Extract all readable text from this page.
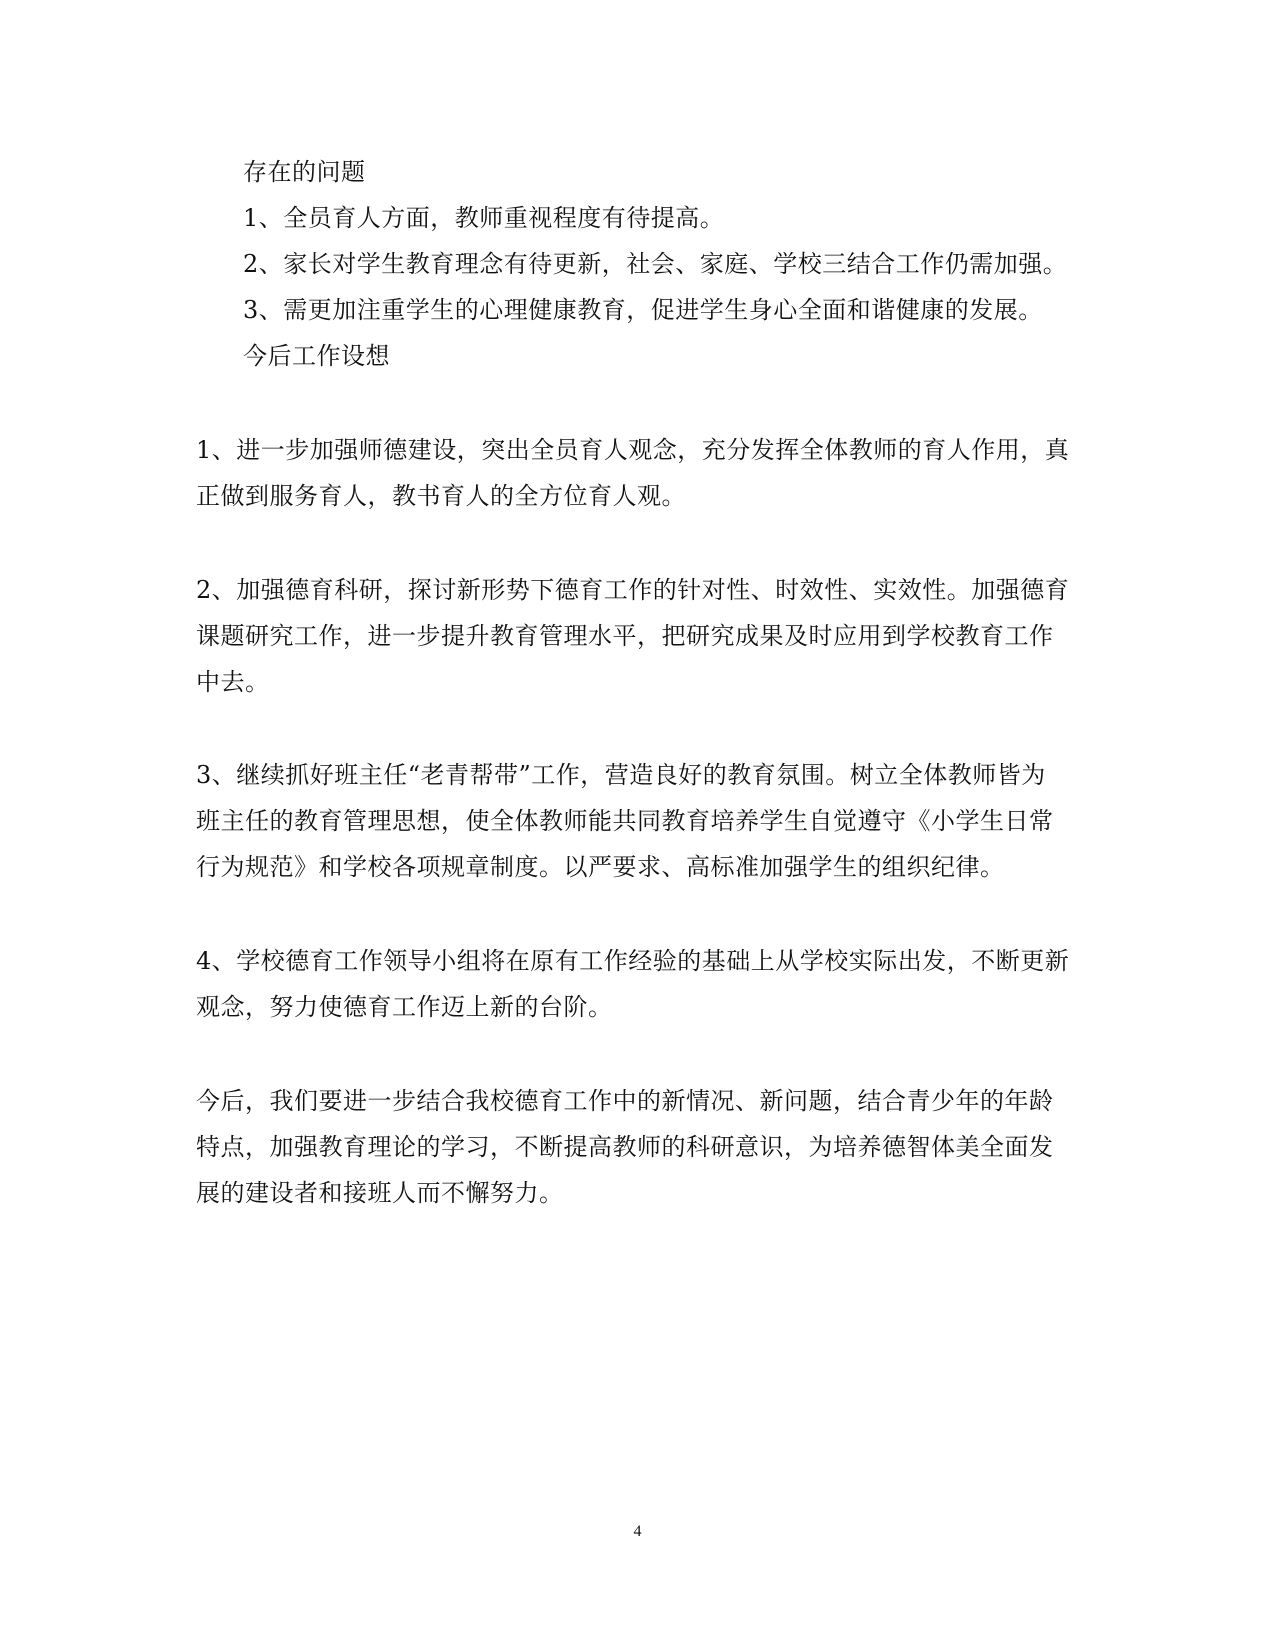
存在的问题
1、全员育人方面，教师重视程度有待提高。
2、家长对学生教育理念有待更新，社会、家庭、学校三结合工作仍需加强。
3、需更加注重学生的心理健康教育，促进学生身心全面和谐健康的发展。
今后工作设想
1、进一步加强师德建设，突出全员育人观念，充分发挥全体教师的育人作用，真
正做到服务育人，教书育人的全方位育人观。
2、加强德育科研，探讨新形势下德育工作的针对性、时效性、实效性。加强德育
课题研究工作，进一步提升教育管理水平，把研究成果及时应用到学校教育工作
中去。
3、继续抓好班主任“老青帮带”工作，营造良好的教育氛围。树立全体教师皆为
班主任的教育管理思想，使全体教师能共同教育培养学生自觉遵守《小学生日常
行为规范》和学校各项规章制度。以严要求、高标准加强学生的组织纪律。
4、学校德育工作领导小组将在原有工作经验的基础上从学校实际出发，不断更新
观念，努力使德育工作迈上新的台阶。
今后，我们要进一步结合我校德育工作中的新情况、新问题，结合青少年的年龄
特点，加强教育理论的学习，不断提高教师的科研意识，为培养德智体美全面发
展的建设者和接班人而不懈努力。
4
